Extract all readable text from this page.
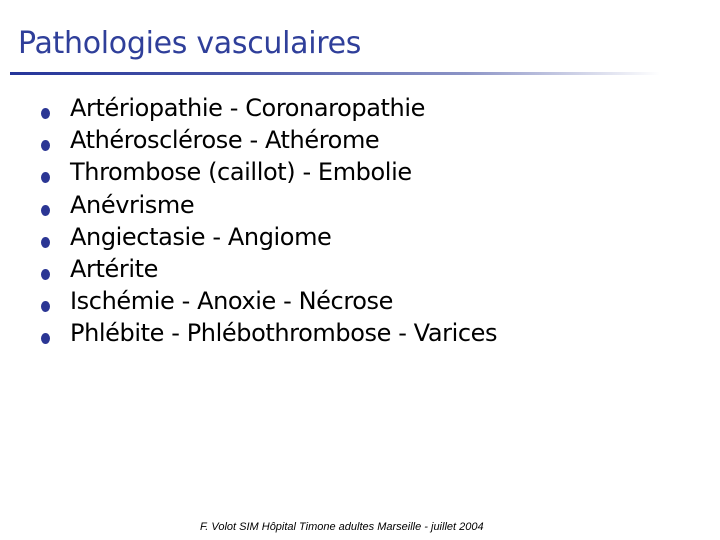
Pathologies vasculaires
Artériopathie - Coronaropathie
Athérosclérose - Athérome
Thrombose (caillot) - Embolie
Anévrisme
Angiectasie - Angiome
Artérite
Ischémie - Anoxie - Nécrose
Phlébite - Phlébothrombose - Varices
F. Volot SIM Hôpital Timone adultes Marseille - juillet 2004
